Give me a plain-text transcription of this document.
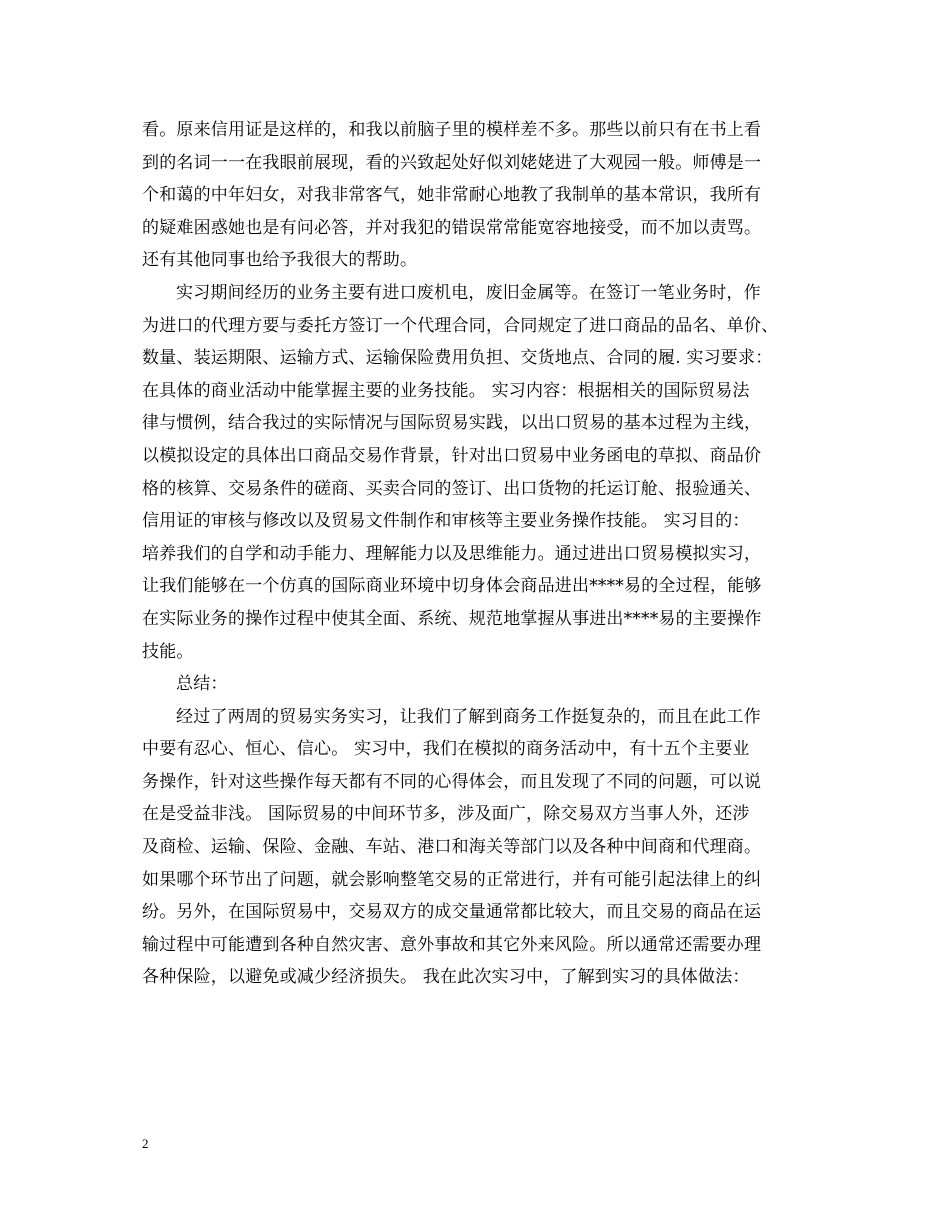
看。原来信用证是这样的，和我以前脑子里的模样差不多。那些以前只有在书上看
到的名词一一在我眼前展现，看的兴致起处好似刘姥姥进了大观园一般。师傅是一
个和蔼的中年妇女，对我非常客气，她非常耐心地教了我制单的基本常识，我所有
的疑难困惑她也是有问必答，并对我犯的错误常常能宽容地接受，而不加以责骂。
还有其他同事也给予我很大的帮助。
实习期间经历的业务主要有进口废机电，废旧金属等。在签订一笔业务时，作
为进口的代理方要与委托方签订一个代理合同，合同规定了进口商品的品名、单价、
数量、装运期限、运输方式、运输保险费用负担、交货地点、合同的履. 实习要求：
在具体的商业活动中能掌握主要的业务技能。 实习内容：根据相关的国际贸易法
律与惯例，结合我过的实际情况与国际贸易实践，以出口贸易的基本过程为主线，
以模拟设定的具体出口商品交易作背景，针对出口贸易中业务函电的草拟、商品价
格的核算、交易条件的磋商、买卖合同的签订、出口货物的托运订舱、报验通关、
信用证的审核与修改以及贸易文件制作和审核等主要业务操作技能。 实习目的：
培养我们的自学和动手能力、理解能力以及思维能力。通过进出口贸易模拟实习，
让我们能够在一个仿真的国际商业环境中切身体会商品进出****易的全过程，能够
在实际业务的操作过程中使其全面、系统、规范地掌握从事进出****易的主要操作
技能。
总结：
经过了两周的贸易实务实习，让我们了解到商务工作挺复杂的，而且在此工作
中要有忍心、恒心、信心。 实习中，我们在模拟的商务活动中，有十五个主要业
务操作，针对这些操作每天都有不同的心得体会，而且发现了不同的问题，可以说
在是受益非浅。 国际贸易的中间环节多，涉及面广，除交易双方当事人外，还涉
及商检、运输、保险、金融、车站、港口和海关等部门以及各种中间商和代理商。
如果哪个环节出了问题，就会影响整笔交易的正常进行，并有可能引起法律上的纠
纷。另外，在国际贸易中，交易双方的成交量通常都比较大，而且交易的商品在运
输过程中可能遭到各种自然灾害、意外事故和其它外来风险。所以通常还需要办理
各种保险，以避免或减少经济损失。 我在此次实习中，了解到实习的具体做法：
2
